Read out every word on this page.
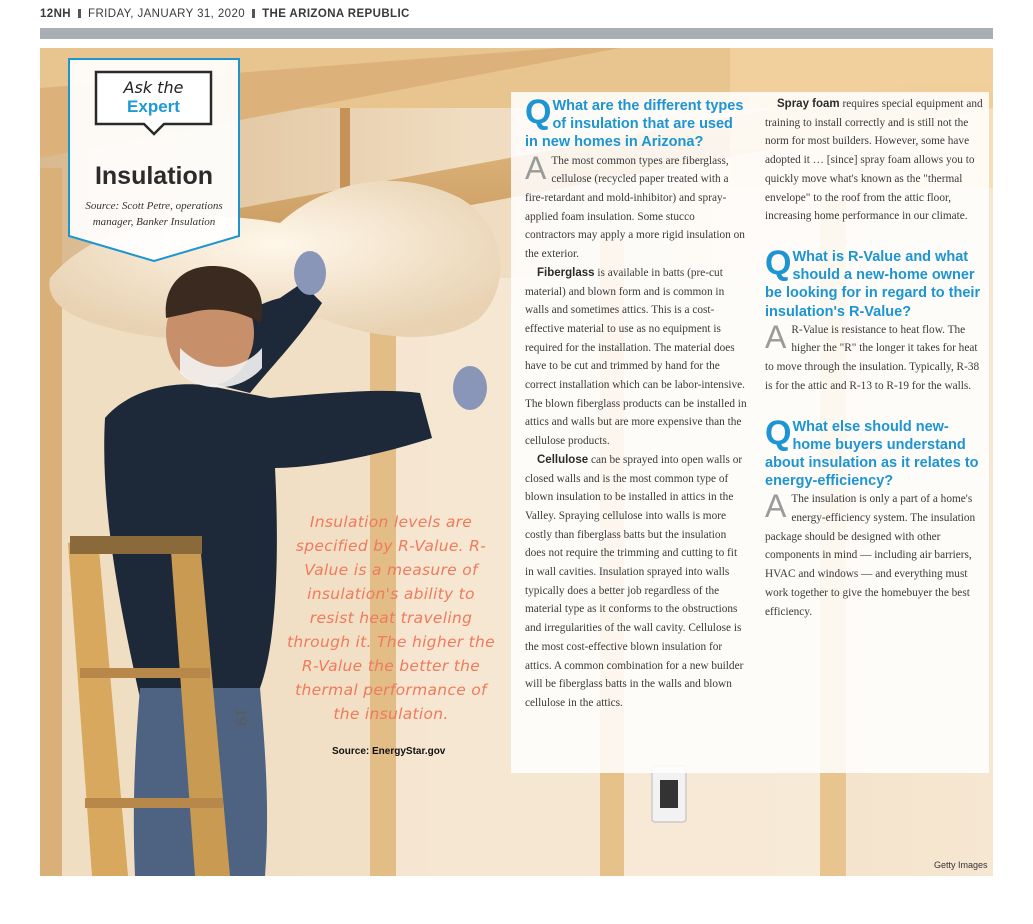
12NH FRIDAY, JANUARY 31, 2020 THE ARIZONA REPUBLIC
19
Ask the
Expert
Insulation
Source: Scott Petre, operations manager, Banker Insulation
Insulation levels are specified by R-Value. R-Value is a measure of insulation's ability to resist heat traveling through it. The higher the R-Value the better the thermal performance of the insulation.
Source: EnergyStar.gov
Q What are the different types of insulation that are used in new homes in Arizona?

A The most common types are fiberglass, cellulose (recycled paper treated with a fire-retardant and mold-inhibitor) and spray-applied foam insulation. Some stucco contractors may apply a more rigid insulation on the exterior.

Fiberglass is available in batts (pre-cut material) and blown form and is common in walls and sometimes attics. This is a cost-effective material to use as no equipment is required for the installation. The material does have to be cut and trimmed by hand for the correct installation which can be labor-intensive. The blown fiberglass products can be installed in attics and walls but are more expensive than the cellulose products.

Cellulose can be sprayed into open walls or closed walls and is the most common type of blown insulation to be installed in attics in the Valley. Spraying cellulose into walls is more costly than fiberglass batts but the insulation does not require the trimming and cutting to fit in wall cavities. Insulation sprayed into walls typically does a better job regardless of the material type as it conforms to the obstructions and irregularities of the wall cavity. Cellulose is the most cost-effective blown insulation for attics. A common combination for a new builder will be fiberglass batts in the walls and blown cellulose in the attics.

Spray foam requires special equipment and training to install correctly and is still not the norm for most builders. However, some have adopted it … [since] spray foam allows you to quickly move what's known as the "thermal envelope" to the roof from the attic floor, increasing home performance in our climate.

Q What is R-Value and what should a new-home owner be looking for in regard to their insulation's R-Value?

A R-Value is resistance to heat flow. The higher the "R" the longer it takes for heat to move through the insulation. Typically, R-38 is for the attic and R-13 to R-19 for the walls.

Q What else should new-home buyers understand about insulation as it relates to energy-efficiency?

A The insulation is only a part of a home's energy-efficiency system. The insulation package should be designed with other components in mind — including air barriers, HVAC and windows — and everything must work together to give the homebuyer the best efficiency.

Getty Images
